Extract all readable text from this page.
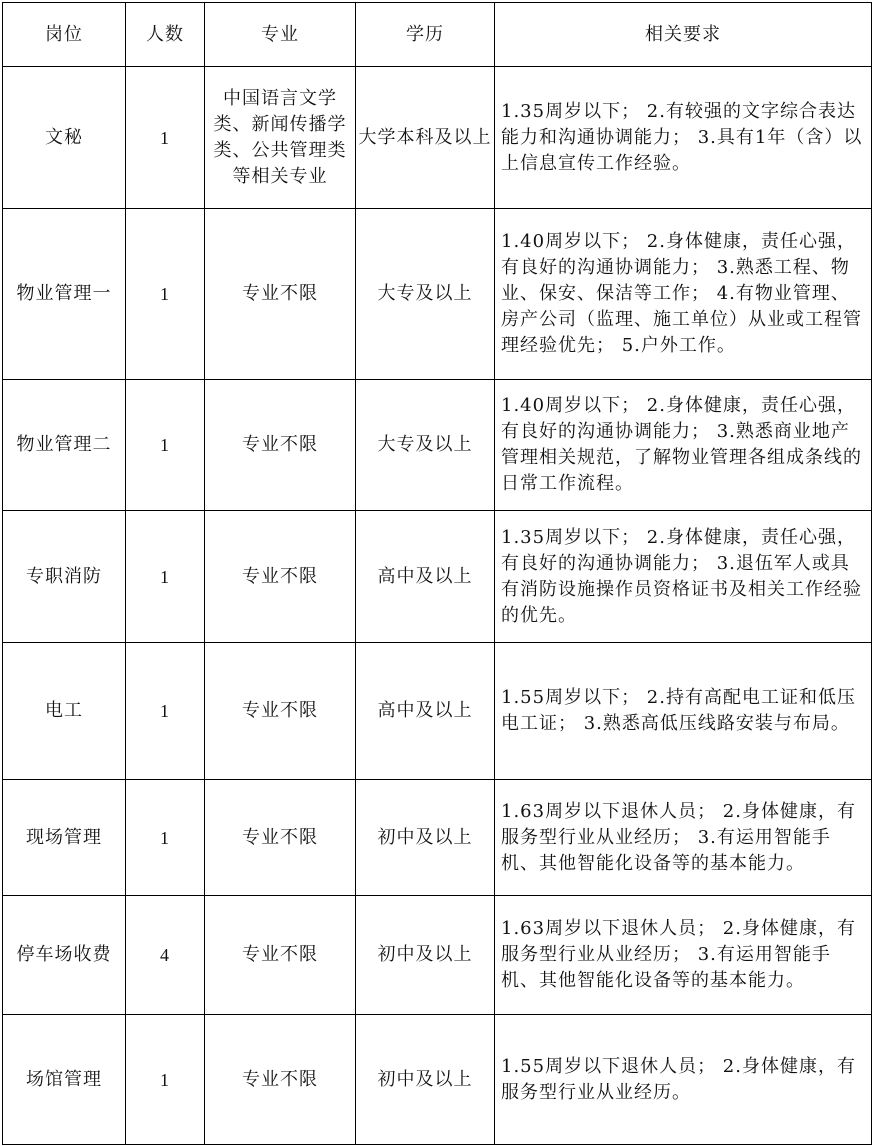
岗位	人数	专业	学历	相关要求
文秘	1	中国语言文学类、新闻传播学类、公共管理类等相关专业	大学本科及以上	1.35周岁以下； 2.有较强的文字综合表达能力和沟通协调能力； 3.具有1年（含）以上信息宣传工作经验。
物业管理一	1	专业不限	大专及以上	1.40周岁以下； 2.身体健康，责任心强，有良好的沟通协调能力； 3.熟悉工程、物业、保安、保洁等工作； 4.有物业管理、房产公司（监理、施工单位）从业或工程管理经验优先； 5.户外工作。
物业管理二	1	专业不限	大专及以上	1.40周岁以下； 2.身体健康，责任心强，有良好的沟通协调能力； 3.熟悉商业地产管理相关规范，了解物业管理各组成条线的日常工作流程。
专职消防	1	专业不限	高中及以上	1.35周岁以下； 2.身体健康，责任心强，有良好的沟通协调能力； 3.退伍军人或具有消防设施操作员资格证书及相关工作经验的优先。
电工	1	专业不限	高中及以上	1.55周岁以下； 2.持有高配电工证和低压电工证； 3.熟悉高低压线路安装与布局。
现场管理	1	专业不限	初中及以上	1.63周岁以下退休人员； 2.身体健康，有服务型行业从业经历； 3.有运用智能手机、其他智能化设备等的基本能力。
停车场收费	4	专业不限	初中及以上	1.63周岁以下退休人员； 2.身体健康，有服务型行业从业经历； 3.有运用智能手机、其他智能化设备等的基本能力。
场馆管理	1	专业不限	初中及以上	1.55周岁以下退休人员； 2.身体健康，有服务型行业从业经历。
